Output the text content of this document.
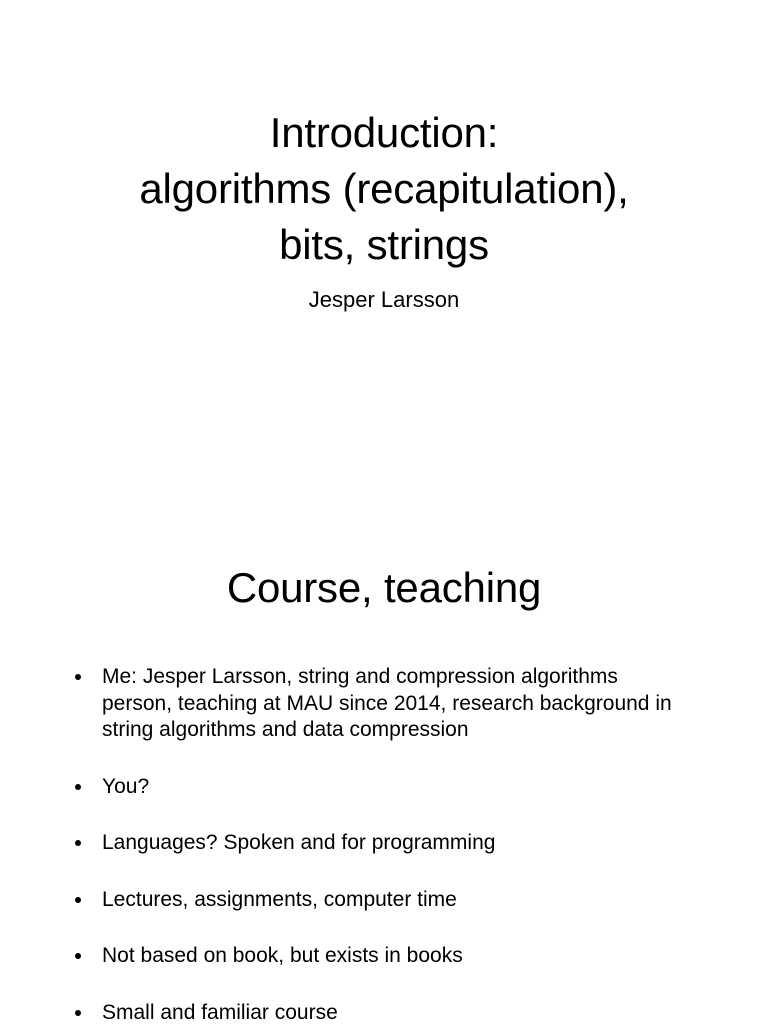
Introduction:
algorithms (recapitulation),
bits, strings
Jesper Larsson
Course, teaching
Me: Jesper Larsson, string and compression algorithms person, teaching at MAU since 2014, research background in string algorithms and data compression
You?
Languages? Spoken and for programming
Lectures, assignments, computer time
Not based on book, but exists in books
Small and familiar course
